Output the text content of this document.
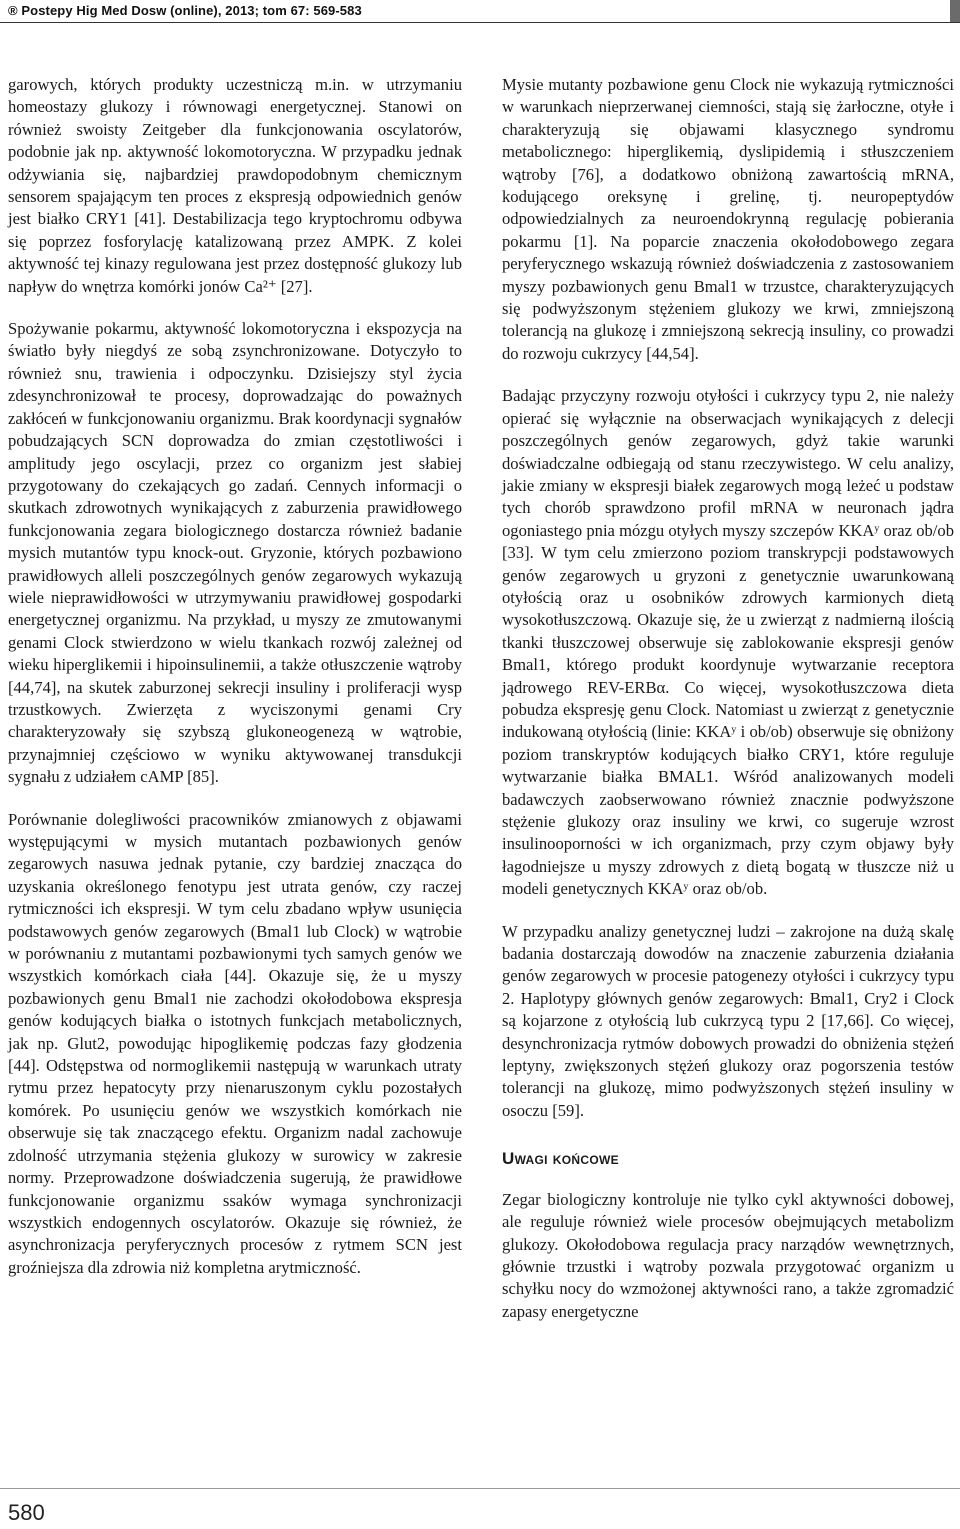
® Postepy Hig Med Dosw (online), 2013; tom 67: 569-583

garowych, których produkty uczestniczą m.in. w utrzymaniu homeostazy glukozy i równowagi energetycznej. Stanowi on również swoisty Zeitgeber dla funkcjonowania oscylatorów, podobnie jak np. aktywność lokomotoryczna. W przypadku jednak odżywiania się, najbardziej prawdopodobnym chemicznym sensorem spajającym ten proces z ekspresją odpowiednich genów jest białko CRY1 [41]. Destabilizacja tego kryptochromu odbywa się poprzez fosforylację katalizowaną przez AMPK. Z kolei aktywność tej kinazy regulowana jest przez dostępność glukozy lub napływ do wnętrza komórki jonów Ca²⁺ [27].

Spożywanie pokarmu, aktywność lokomotoryczna i ekspozycja na światło były niegdyś ze sobą zsynchronizowane. Dotyczyło to również snu, trawienia i odpoczynku. Dzisiejszy styl życia zdesynchronizował te procesy, doprowadzając do poważnych zakłóceń w funkcjonowaniu organizmu. Brak koordynacji sygnałów pobudzających SCN doprowadza do zmian częstotliwości i amplitudy jego oscylacji, przez co organizm jest słabiej przygotowany do czekających go zadań. Cennych informacji o skutkach zdrowotnych wynikających z zaburzenia prawidłowego funkcjonowania zegara biologicznego dostarcza również badanie mysich mutantów typu knock-out. Gryzonie, których pozbawiono prawidłowych alleli poszczególnych genów zegarowych wykazują wiele nieprawidłowości w utrzymywaniu prawidłowej gospodarki energetycznej organizmu. Na przykład, u myszy ze zmutowanymi genami Clock stwierdzono w wielu tkankach rozwój zależnej od wieku hiperglikemii i hipoinsulinemii, a także otłuszczenie wątroby [44,74], na skutek zaburzonej sekrecji insuliny i proliferacji wysp trzustkowych. Zwierzęta z wyciszonymi genami Cry charakteryzowały się szybszą glukoneogenezą w wątrobie, przynajmniej częściowo w wyniku aktywowanej transdukcji sygnału z udziałem cAMP [85].

Porównanie dolegliwości pracowników zmianowych z objawami występującymi w mysich mutantach pozbawionych genów zegarowych nasuwa jednak pytanie, czy bardziej znacząca do uzyskania określonego fenotypu jest utrata genów, czy raczej rytmiczności ich ekspresji. W tym celu zbadano wpływ usunięcia podstawowych genów zegarowych (Bmal1 lub Clock) w wątrobie w porównaniu z mutantami pozbawionymi tych samych genów we wszystkich komórkach ciała [44]. Okazuje się, że u myszy pozbawionych genu Bmal1 nie zachodzi okołodobowa ekspresja genów kodujących białka o istotnych funkcjach metabolicznych, jak np. Glut2, powodując hipoglikemię podczas fazy głodzenia [44]. Odstępstwa od normoglikemii następują w warunkach utraty rytmu przez hepatocyty przy nienaruszonym cyklu pozostałych komórek. Po usunięciu genów we wszystkich komórkach nie obserwuje się tak znaczącego efektu. Organizm nadal zachowuje zdolność utrzymania stężenia glukozy w surowicy w zakresie normy. Przeprowadzone doświadczenia sugerują, że prawidłowe funkcjonowanie organizmu ssaków wymaga synchronizacji wszystkich endogennych oscylatorów. Okazuje się również, że asynchronizacja peryferycznych procesów z rytmem SCN jest groźniejsza dla zdrowia niż kompletna arytmiczność.

Mysie mutanty pozbawione genu Clock nie wykazują rytmiczności w warunkach nieprzerwanej ciemności, stają się żarłoczne, otyłe i charakteryzują się objawami klasycznego syndromu metabolicznego: hiperglikemią, dyslipidemią i stłuszczeniem wątroby [76], a dodatkowo obniżoną zawartością mRNA, kodującego oreksynę i grelinę, tj. neuropeptydów odpowiedzialnych za neuroendokrynną regulację pobierania pokarmu [1]. Na poparcie znaczenia okołodobowego zegara peryferycznego wskazują również doświadczenia z zastosowaniem myszy pozbawionych genu Bmal1 w trzustce, charakteryzujących się podwyższonym stężeniem glukozy we krwi, zmniejszoną tolerancją na glukozę i zmniejszoną sekrecją insuliny, co prowadzi do rozwoju cukrzycy [44,54].

Badając przyczyny rozwoju otyłości i cukrzycy typu 2, nie należy opierać się wyłącznie na obserwacjach wynikających z delecji poszczególnych genów zegarowych, gdyż takie warunki doświadczalne odbiegają od stanu rzeczywistego. W celu analizy, jakie zmiany w ekspresji białek zegarowych mogą leżeć u podstaw tych chorób sprawdzono profil mRNA w neuronach jądra ogoniastego pnia mózgu otyłych myszy szczepów KKAʸ oraz ob/ob [33]. W tym celu zmierzono poziom transkrypcji podstawowych genów zegarowych u gryzoni z genetycznie uwarunkowaną otyłością oraz u osobników zdrowych karmionych dietą wysokotłuszczową. Okazuje się, że u zwierząt z nadmierną ilością tkanki tłuszczowej obserwuje się zablokowanie ekspresji genów Bmal1, którego produkt koordynuje wytwarzanie receptora jądrowego REV-ERBα. Co więcej, wysokotłuszczowa dieta pobudza ekspresję genu Clock. Natomiast u zwierząt z genetycznie indukowaną otyłością (linie: KKAʸ i ob/ob) obserwuje się obniżony poziom transkryptów kodujących białko CRY1, które reguluje wytwarzanie białka BMAL1. Wśród analizowanych modeli badawczych zaobserwowano również znacznie podwyższone stężenie glukozy oraz insuliny we krwi, co sugeruje wzrost insulinooporności w ich organizmach, przy czym objawy były łagodniejsze u myszy zdrowych z dietą bogatą w tłuszcze niż u modeli genetycznych KKAʸ oraz ob/ob.

W przypadku analizy genetycznej ludzi – zakrojone na dużą skalę badania dostarczają dowodów na znaczenie zaburzenia działania genów zegarowych w procesie patogenezy otyłości i cukrzycy typu 2. Haplotypy głównych genów zegarowych: Bmal1, Cry2 i Clock są kojarzone z otyłością lub cukrzycą typu 2 [17,66]. Co więcej, desynchronizacja rytmów dobowych prowadzi do obniżenia stężeń leptyny, zwiększonych stężeń glukozy oraz pogorszenia testów tolerancji na glukozę, mimo podwyższonych stężeń insuliny w osoczu [59].

Uwagi końcowe

Zegar biologiczny kontroluje nie tylko cykl aktywności dobowej, ale reguluje również wiele procesów obejmujących metabolizm glukozy. Okołodobowa regulacja pracy narządów wewnętrznych, głównie trzustki i wątroby pozwala przygotować organizm u schyłku nocy do wzmożonej aktywności rano, a także zgromadzić zapasy energetyczne

580
